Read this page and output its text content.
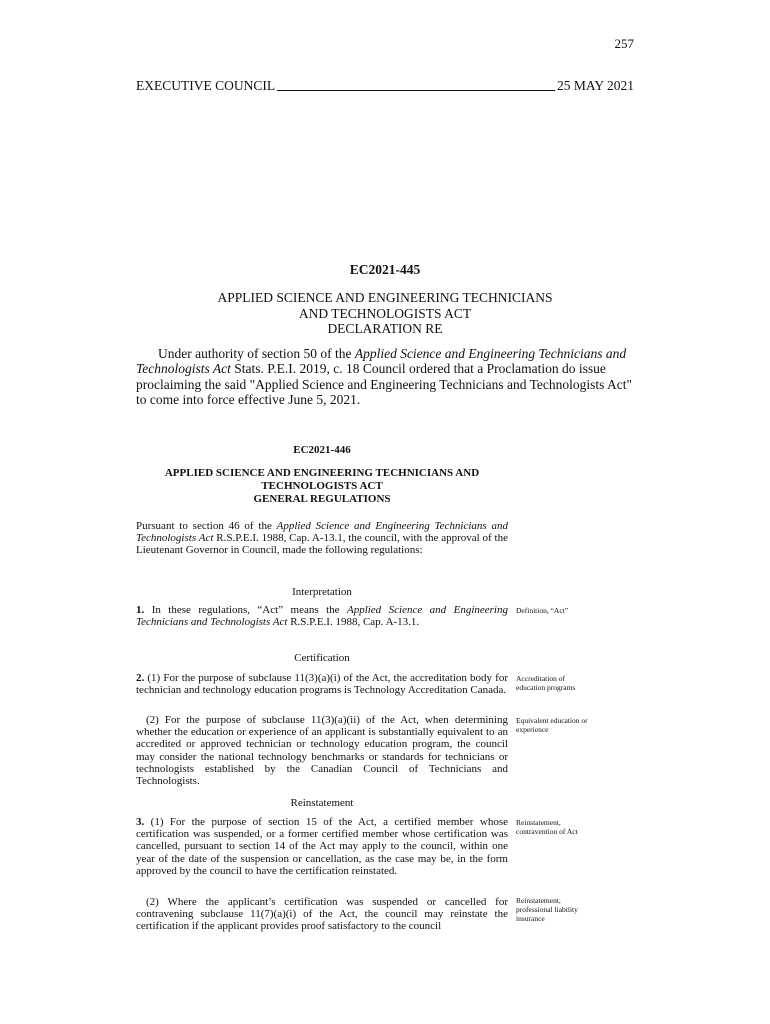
257
EXECUTIVE COUNCIL	25 MAY 2021
EC2021-445
APPLIED SCIENCE AND ENGINEERING TECHNICIANS
AND TECHNOLOGISTS ACT
DECLARATION RE
Under authority of section 50 of the Applied Science and Engineering Technicians and Technologists Act Stats. P.E.I. 2019, c. 18 Council ordered that a Proclamation do issue proclaiming the said "Applied Science and Engineering Technicians and Technologists Act" to come into force effective June 5, 2021.
EC2021-446
APPLIED SCIENCE AND ENGINEERING TECHNICIANS AND
TECHNOLOGISTS ACT
GENERAL REGULATIONS
Pursuant to section 46 of the Applied Science and Engineering Technicians and Technologists Act R.S.P.E.I. 1988, Cap. A-13.1, the council, with the approval of the Lieutenant Governor in Council, made the following regulations:
Interpretation
1. In these regulations, “Act” means the Applied Science and Engineering Technicians and Technologists Act R.S.P.E.I. 1988, Cap. A-13.1.
Definition, “Act”
Certification
2. (1) For the purpose of subclause 11(3)(a)(i) of the Act, the accreditation body for technician and technology education programs is Technology Accreditation Canada.
Accreditation of education programs
(2) For the purpose of subclause 11(3)(a)(ii) of the Act, when determining whether the education or experience of an applicant is substantially equivalent to an accredited or approved technician or technology education program, the council may consider the national technology benchmarks or standards for technicians or technologists established by the Canadian Council of Technicians and Technologists.
Equivalent education or experience
Reinstatement
3. (1) For the purpose of section 15 of the Act, a certified member whose certification was suspended, or a former certified member whose certification was cancelled, pursuant to section 14 of the Act may apply to the council, within one year of the date of the suspension or cancellation, as the case may be, in the form approved by the council to have the certification reinstated.
Reinstatement, contravention of Act
(2) Where the applicant’s certification was suspended or cancelled for contravening subclause 11(7)(a)(i) of the Act, the council may reinstate the certification if the applicant provides proof satisfactory to the council
Reinstatement, professional liability insurance
